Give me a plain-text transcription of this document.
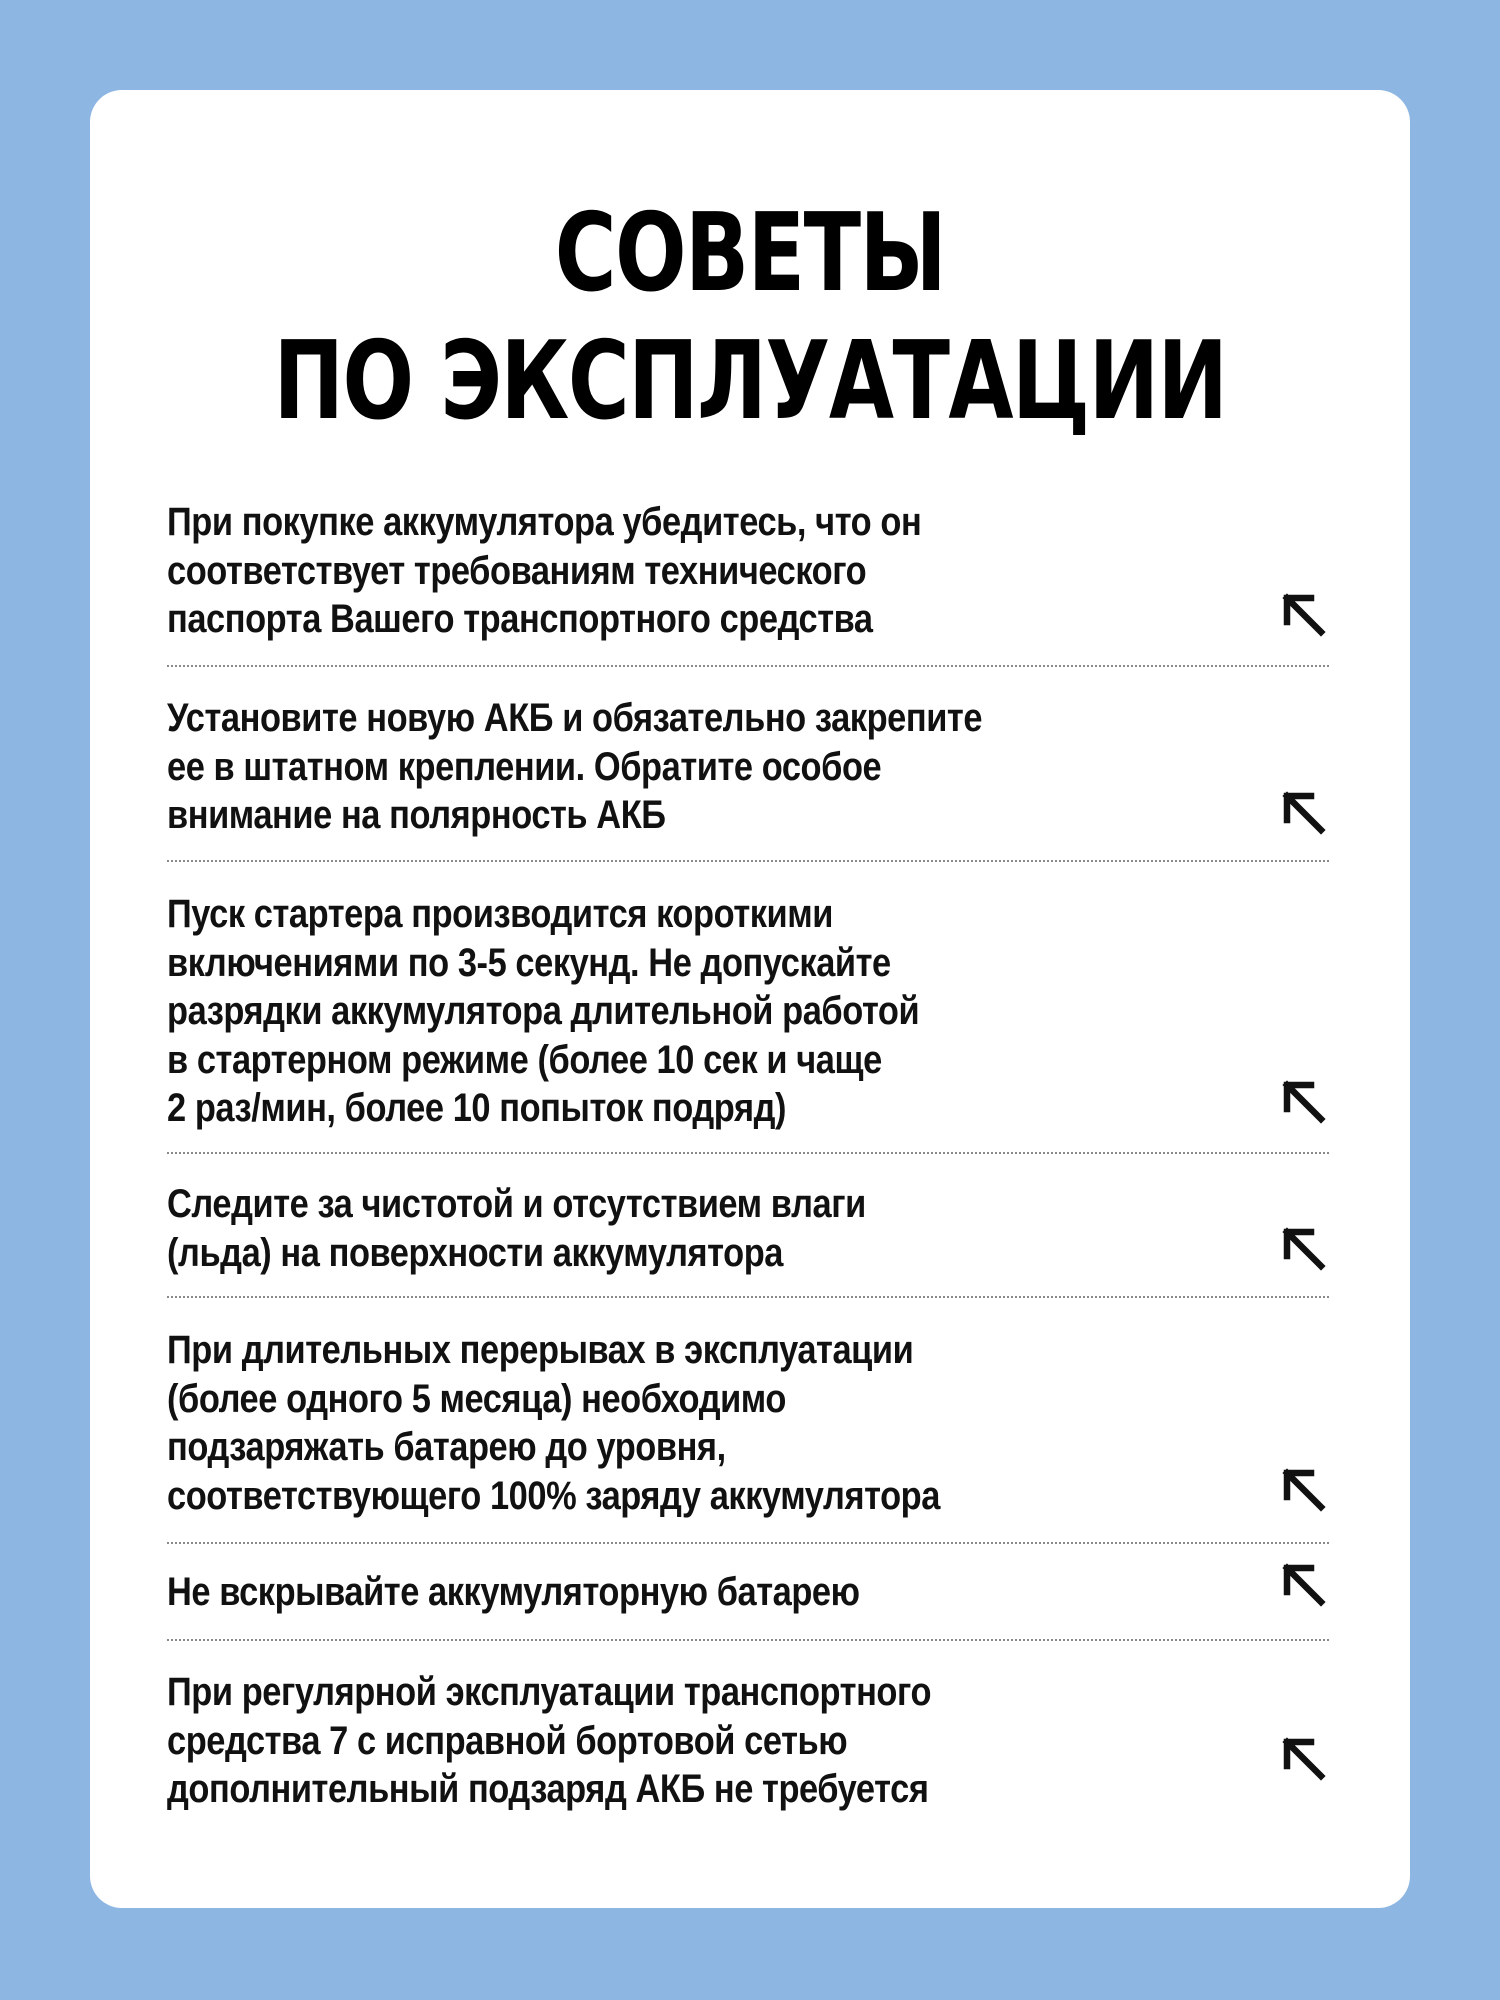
СОВЕТЫ
ПО ЭКСПЛУАТАЦИИ
При покупке аккумулятора убедитесь, что он
соответствует требованиям технического
паспорта Вашего транспортного средства
Установите новую АКБ и обязательно закрепите
ее в штатном креплении. Обратите особое
внимание на полярность АКБ
Пуск стартера производится короткими
включениями по 3-5 секунд. Не допускайте
разрядки аккумулятора длительной работой
в стартерном режиме (более 10 сек и чаще
2 раз/мин, более 10 попыток подряд)
Следите за чистотой и отсутствием влаги
(льда) на поверхности аккумулятора
При длительных перерывах в эксплуатации
(более одного 5 месяца) необходимо
подзаряжать батарею до уровня,
соответствующего 100% заряду аккумулятора
Не вскрывайте аккумуляторную батарею
При регулярной эксплуатации транспортного
средства 7 с исправной бортовой сетью
дополнительный подзаряд АКБ не требуется
